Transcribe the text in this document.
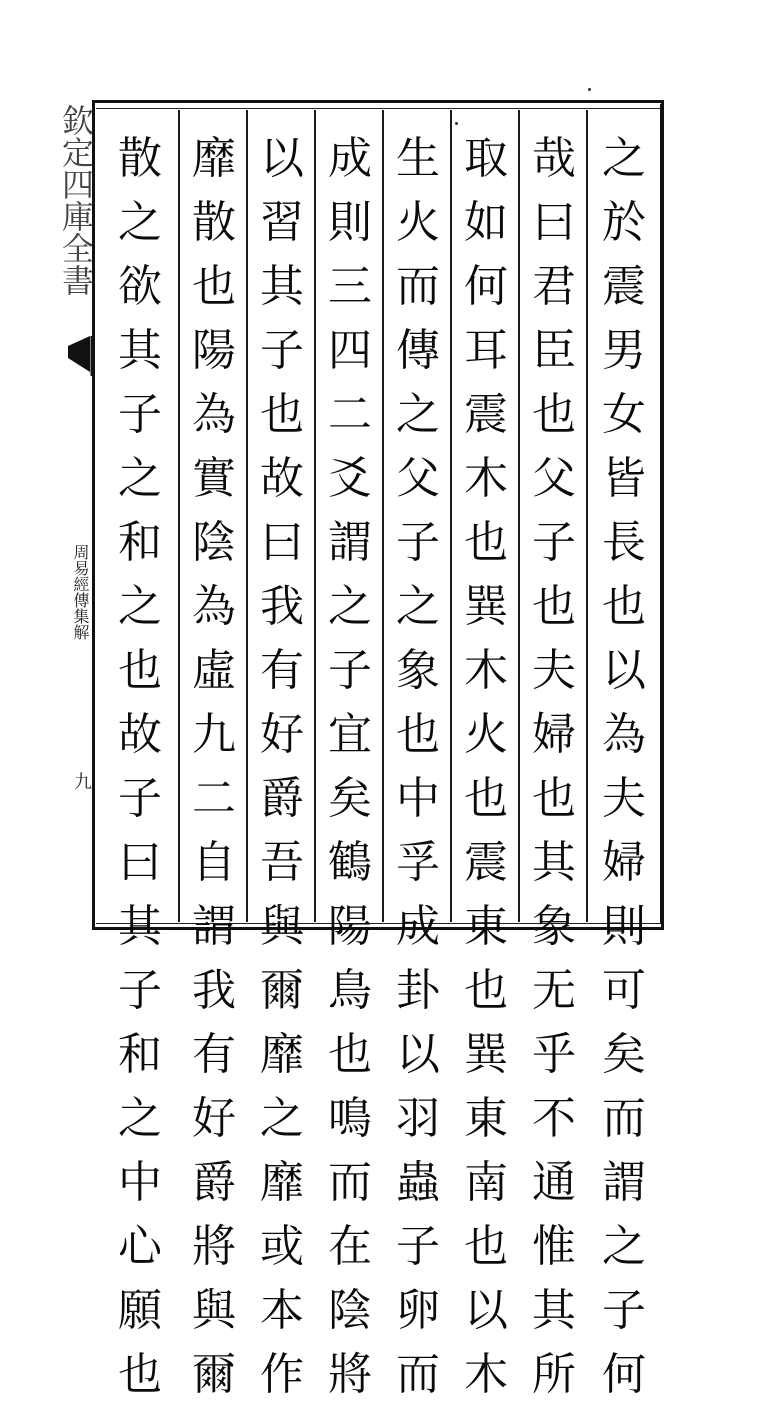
欽定四庫全書
周易經傳集解
九
之
於
震
男
女
皆
長
也
以
為
夫
婦
則
可
矣
而
謂
之
子
何
哉
曰
君
臣
也
父
子
也
夫
婦
也
其
象
无
乎
不
通
惟
其
所
取
如
何
耳
震
木
也
巽
木
火
也
震
東
也
巽
東
南
也
以
木
生
火
而
傳
之
父
子
之
象
也
中
孚
成
卦
以
羽
蟲
子
卵
而
成
則
三
四
二
爻
謂
之
子
宜
矣
鶴
陽
鳥
也
鳴
而
在
陰
將
以
習
其
子
也
故
曰
我
有
好
爵
吾
與
爾
靡
之
靡
或
本
作
靡
散
也
陽
為
實
陰
為
虛
九
二
自
謂
我
有
好
爵
將
與
爾
散
之
欲
其
子
之
和
之
也
故
子
曰
其
子
和
之
中
心
願
也
